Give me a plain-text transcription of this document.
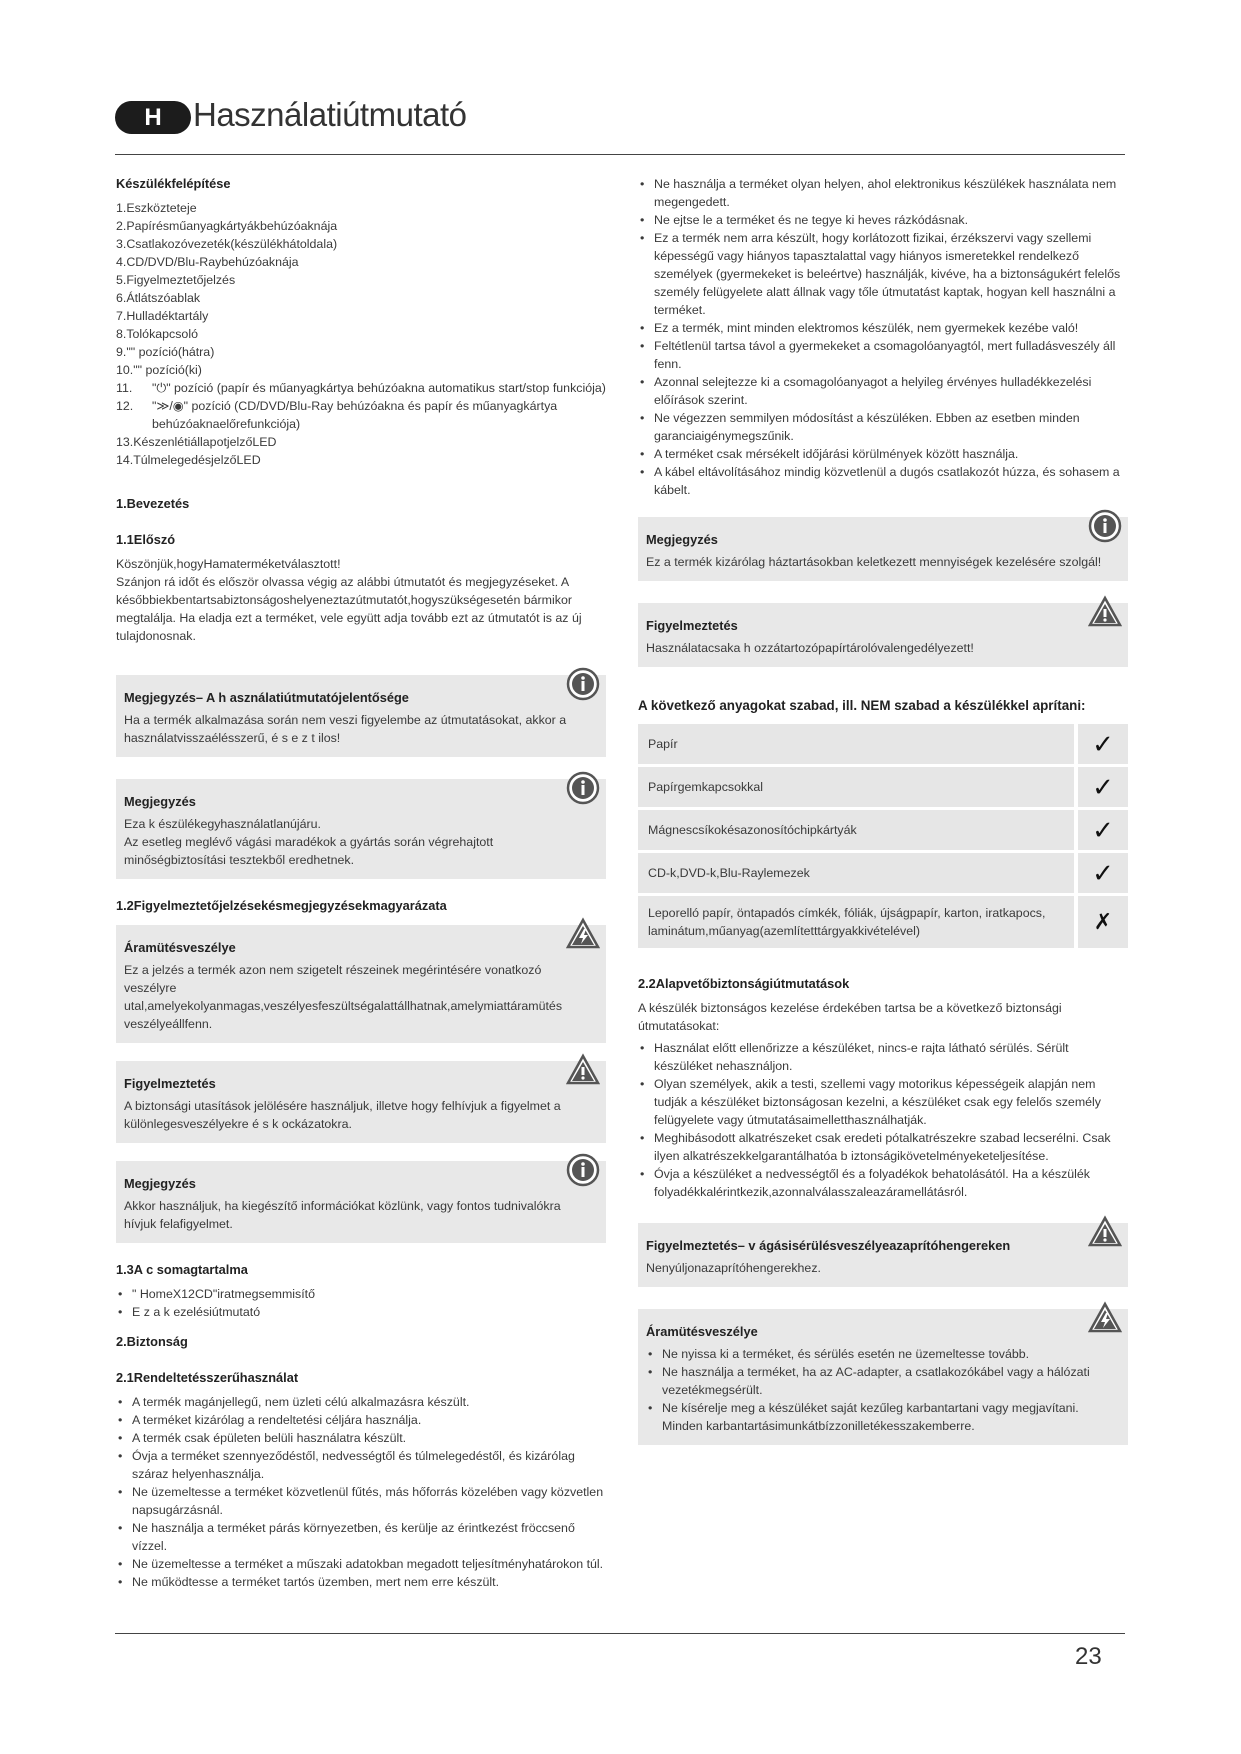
H Használatiútmutató

Készülékfelépítése

1.Eszközteteje
2.Papírésműanyagkártyákbehúzóaknája
3.Csatlakozóvezeték(készülékhátoldala)
4.CD/DVD/Blu-Raybehúzóaknája
5.Figyelmeztetőjelzés
6.Átlátszóablak
7.Hulladéktartály
8.Tolókapcsoló
9."" pozíció(hátra)
10."" pozíció(ki)
11.	"⏻" pozíció (papír és műanyagkártya behúzóakna automatikus start/stop funkciója)
12.	"≫/◉" pozíció (CD/DVD/Blu-Ray behúzóakna és papír és műanyagkártya behúzóaknaelőrefunkciója)
13.KészenlétiállapotjelzőLED
14.TúlmelegedésjelzőLED

1.Bevezetés

1.1Előszó

Köszönjük,hogyHamaterméketválasztott!

Szánjon rá időt és először olvassa végig az alábbi útmutatót és megjegyzéseket. A későbbiekbentartsabiztonságoshelyeneztazútmutatót,hogyszükségesetén bármikor megtalálja. Ha eladja ezt a terméket, vele együtt adja tovább ezt az útmutatót is az új tulajdonosnak.

Megjegyzés– A h asználatiútmutatójelentősége

Ha a termék alkalmazása során nem veszi figyelembe az útmutatásokat, akkor a használatvisszaélésszerű, é s e z t ilos!

Megjegyzés

Eza k észülékegyhasználatlanújáru.

Az esetleg meglévő vágási maradékok a gyártás során végrehajtott minőségbiztosítási tesztekből eredhetnek.

1.2Figyelmeztetőjelzésekésmegjegyzésekmagyarázata

Áramütésveszélye

Ez a jelzés a termék azon nem szigetelt részeinek megérintésére vonatkozó veszélyre utal,amelyekolyanmagas,veszélyesfeszültségalattállhatnak,amelymiattáramütés veszélyeállfenn.

Figyelmeztetés

A biztonsági utasítások jelölésére használjuk, illetve hogy felhívjuk a figyelmet a különlegesveszélyekre é s k ockázatokra.

Megjegyzés

Akkor használjuk, ha kiegészítő információkat közlünk, vagy fontos tudnivalókra hívjuk felafigyelmet.

1.3A c somagtartalma

• " HomeX12CD"iratmegsemmisítő
• E z a k ezelésiútmutató

2.Biztonság

2.1Rendeltetésszerűhasználat

• A termék magánjellegű, nem üzleti célú alkalmazásra készült.
• A terméket kizárólag a rendeltetési céljára használja.
• A termék csak épületen belüli használatra készült.
• Óvja a terméket szennyeződéstől, nedvességtől és túlmelegedéstől, és kizárólag száraz helyenhasználja.
• Ne üzemeltesse a terméket közvetlenül fűtés, más hőforrás közelében vagy közvetlen napsugárzásnál.
• Ne használja a terméket párás környezetben, és kerülje az érintkezést fröccsenő vízzel.
• Ne üzemeltesse a terméket a műszaki adatokban megadott teljesítményhatárokon túl.
• Ne működtesse a terméket tartós üzemben, mert nem erre készült.
• Ne használja a terméket olyan helyen, ahol elektronikus készülékek használata nem megengedett.
• Ne ejtse le a terméket és ne tegye ki heves rázkódásnak.
• Ez a termék nem arra készült, hogy korlátozott fizikai, érzékszervi vagy szellemi képességű vagy hiányos tapasztalattal vagy hiányos ismeretekkel rendelkező személyek (gyermekeket is beleértve) használják, kivéve, ha a biztonságukért felelős személy felügyelete alatt állnak vagy tőle útmutatást kaptak, hogyan kell használni a terméket.
• Ez a termék, mint minden elektromos készülék, nem gyermekek kezébe való!
• Feltétlenül tartsa távol a gyermekeket a csomagolóanyagtól, mert fulladásveszély áll fenn.
• Azonnal selejtezze ki a csomagolóanyagot a helyileg érvényes hulladékkezelési előírások szerint.
• Ne végezzen semmilyen módosítást a készüléken. Ebben az esetben minden garanciaigénymegszűnik.
• A terméket csak mérsékelt időjárási körülmények között használja.
• A kábel eltávolításához mindig közvetlenül a dugós csatlakozót húzza, és sohasem a kábelt.
Megjegyzés

Ez a termék kizárólag háztartásokban keletkezett mennyiségek kezelésére szolgál!

Figyelmeztetés

Használatacsaka h ozzátartozópapírtárolóvalengedélyezett!

A következő anyagokat szabad, ill. NEM szabad a készülékkel aprítani:

Papír	✓
Papírgemkapcsokkal	✓
Mágnescsíkokésazonosítóchipkártyák	✓
CD-k,DVD-k,Blu-Raylemezek	✓
Leporelló papír, öntapadós címkék, fóliák, újságpapír, karton, iratkapocs, laminátum,műanyag(azemlítetttárgyakkivételével)	✗

2.2Alapvetőbiztonságiútmutatások

A készülék biztonságos kezelése érdekében tartsa be a következő biztonsági útmutatásokat:

• Használat előtt ellenőrizze a készüléket, nincs-e rajta látható sérülés. Sérült készüléket nehasználjon.
• Olyan személyek, akik a testi, szellemi vagy motorikus képességeik alapján nem tudják a készüléket biztonságosan kezelni, a készüléket csak egy felelős személy felügyelete vagy útmutatásaimelletthasználhatják.
• Meghibásodott alkatrészeket csak eredeti pótalkatrészekre szabad lecserélni. Csak ilyen alkatrészekkelgarantálhatóa b iztonságikövetelményeketeljesítése.
• Óvja a készüléket a nedvességtől és a folyadékok behatolásától. Ha a készülék folyadékkalérintkezik,azonnalválasszaleazáramellátásról.
Figyelmeztetés– v ágásisérülésveszélyeazaprítóhengereken

Nenyúljonazaprítóhengerekhez.

Áramütésveszélye
• Ne nyissa ki a terméket, és sérülés esetén ne üzemeltesse tovább.
• Ne használja a terméket, ha az AC-adapter, a csatlakozókábel vagy a hálózati vezetékmegsérült.
• Ne kísérelje meg a készüléket saját kezűleg karbantartani vagy megjavítani. Minden karbantartásimunkátbízzonilletékesszakemberre.
23
